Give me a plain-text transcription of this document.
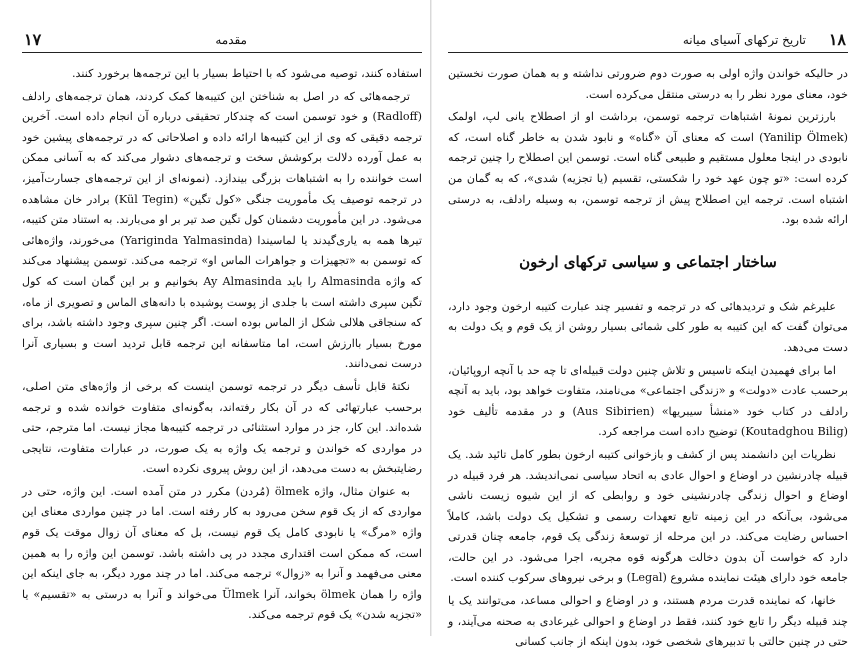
۱۷	مقدمه

استفاده کنند، توصیه می‌شود که با احتیاط بسیار با این ترجمه‌ها برخورد کنند.

ترجمه‌هائی که در اصل به شناختن این کتیبه‌ها کمک کردند، همان ترجمه‌های رادلف (Radloff) و خود توسمن است که چندکار تحقیقی درباره آن انجام داده است. آخرین ترجمه دقیقی که وی از این کتیبه‌ها ارائه داده و اصلاحاتی که در ترجمه‌های پیشین خود به عمل آورده دلالت برکوشش سخت و ترجمه‌های دشوار می‌کند که به آسانی ممکن است خواننده را به اشتباهات بزرگی بیندازد. (نمونه‌ای از این ترجمه‌های جسارت‌آمیز، در ترجمه توصیف یک مأموریت جنگی «کول تگین» (Kül Tegin) برادر خان مشاهده می‌شود. در این مأموریت دشمنان کول تگین صد تیر بر او می‌بارند. به استناد متن کتیبه، تیرها همه به یاری‌گیدند یا لماسیندا (Yariginda Yalmasinda) می‌خورند، واژه‌هائی که توسمن به «تجهیزات و جواهرات الماس او» ترجمه می‌کند. توسمن پیشنهاد می‌کند که واژه Almasinda را باید Ay Almasinda بخوانیم و بر این گمان است که کول تگین سپری داشته است با جلدی از پوست پوشیده با دانه‌های الماس و تصویری از ماه، که سنجاقی هلالی شکل از الماس بوده است. اگر چنین سپری وجود داشته باشد، برای مورخ بسیار باارزش است، اما متاسفانه این ترجمه قابل تردید است و بسیاری آنرا درست نمی‌دانند.

نکتهٔ قابل تأسف دیگر در ترجمه توسمن اینست که برخی از واژه‌های متن اصلی، برحسب عبارتهائی که در آن بکار رفته‌اند، به‌گونه‌ای متفاوت خوانده شده و ترجمه شده‌اند. این کار، جز در موارد استثنائی در ترجمه کتیبه‌ها مجاز نیست. اما مترجم، حتی در مواردی که خواندن و ترجمه یک واژه به یک صورت، در عبارات متفاوت، نتایجی رضایتبخش به دست می‌دهد، از این روش پیروی نکرده است.

به عنوان مثال، واژه ölmek (مُردن) مکرر در متن آمده است. این واژه، حتی در مواردی که از یک قوم سخن می‌رود به کار رفته است. اما در چنین مواردی معنای این واژه «مرگ» یا نابودی کامل یک قوم نیست، بل که معنای آن زوال موقت یک قوم است، که ممکن است اقتداری مجدد در پی داشته باشد. توسمن این واژه را به همین معنی می‌فهمد و آنرا به «زوال» ترجمه می‌کند. اما در چند مورد دیگر، به جای اینکه این واژه را همان ölmek بخواند، آنرا Ülmek می‌خواند و آنرا به درستی به «تقسیم» یا «تجزیه شدن» یک قوم ترجمه می‌کند.

۱۸
تاریخ ترکهای آسیای میانه

در حالیکه خواندن واژه اولی به صورت دوم ضرورتی نداشته و به همان صورت نخستین خود، معنای مورد نظر را به درستی منتقل می‌کرده است.

بارزترین نمونهٔ اشتباهات ترجمه توسمن، برداشت او از اصطلاح یانی لپ، اولمک (Yanilip Ölmek) است که معنای آن «گناه» و نابود شدن به خاطر گناه است، که نابودی در اینجا معلول مستقیم و طبیعی گناه است. توسمن این اصطلاح را چنین ترجمه کرده است: «تو چون عهد خود را شکستی، تقسیم (یا تجزیه) شدی»، که به گمان من اشتباه است. ترجمه این اصطلاح پیش از ترجمه توسمن، به وسیله رادلف، به درستی ارائه شده بود.

ساختار اجتماعی و سیاسی ترکهای ارخون

علیرغم شک و تردیدهائی که در ترجمه و تفسیر چند عبارت کتیبه ارخون وجود دارد، می‌توان گفت که این کتیبه به طور کلی شمائی بسیار روشن از یک قوم و یک دولت به دست می‌دهد.

اما برای فهمیدن اینکه تاسیس و تلاش چنین دولت قبیله‌ای تا چه حد با آنچه اروپائیان، برحسب عادت «دولت» و «زندگی اجتماعی» می‌نامند، متفاوت خواهد بود، باید به آنچه رادلف در کتاب خود «منشأ سیبریها» (Aus Sibirien) و در مقدمه تألیف خود (Koutadghou Bilig) توضیح داده است مراجعه کرد.

نظریات این دانشمند پس از کشف و بازخوانی کتیبه ارخون بطور کامل تائید شد. یک قبیله چادرنشین در اوضاع و احوال عادی به اتحاد سیاسی نمی‌اندیشد. هر فرد قبیله در اوضاع و احوال زندگی چادرنشینی خود و روابطی که از این شیوه زیست ناشی می‌شود، بی‌آنکه در این زمینه تابع تعهدات رسمی و تشکیل یک دولت باشد، کاملاً احساس رضایت می‌کند. در این مرحله از توسعهٔ زندگی یک قوم، جامعه چنان قدرتی دارد که خواست آن بدون دخالت هرگونه قوه مجریه، اجرا می‌شود. در این حالت، جامعه خود دارای هیئت نماینده مشروع (Legal) و برخی نیروهای سرکوب کننده است.

خانها، که نماینده قدرت مردم هستند، و در اوضاع و احوالی مساعد، می‌توانند یک یا چند قبیله دیگر را تابع خود کنند، فقط در اوضاع و احوالی غیرعادی به صحنه می‌آیند، و حتی در چنین حالتی با تدبیرهای شخصی خود، بدون اینکه از جانب کسانی
